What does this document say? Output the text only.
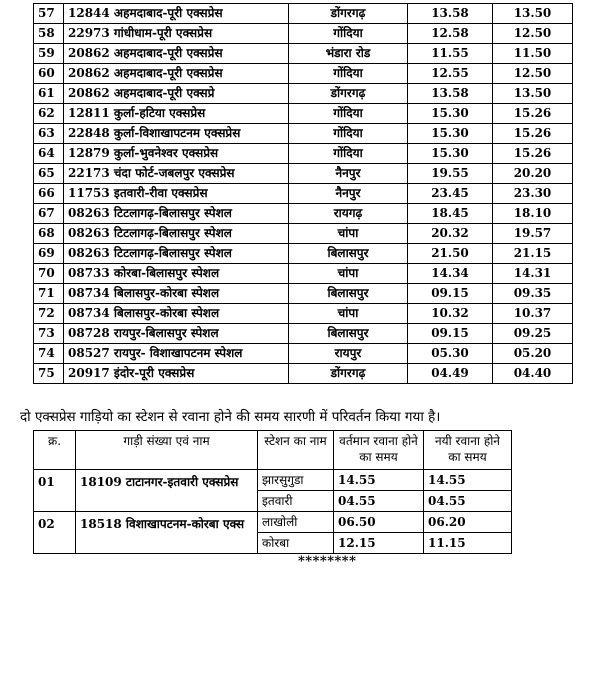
57	12844 अहमदाबाद-पूरी एक्सप्रेस	डोंगरगढ़	13.58	13.50
58	22973 गांधीधाम-पूरी एक्सप्रेस	गोंदिया	12.58	12.50
59	20862 अहमदाबाद-पूरी एक्सप्रेस	भंडारा रोड	11.55	11.50
60	20862 अहमदाबाद-पूरी एक्सप्रेस	गोंदिया	12.55	12.50
61	20862 अहमदाबाद-पूरी एक्सप्रे	डोंगरगढ़	13.58	13.50
62	12811 कुर्ला-हटिया एक्सप्रेस	गोंदिया	15.30	15.26
63	22848 कुर्ला-विशाखापटनम एक्सप्रेस	गोंदिया	15.30	15.26
64	12879 कुर्ला-भुवनेश्वर एक्सप्रेस	गोंदिया	15.30	15.26
65	22173 चंदा फोर्ट-जबलपुर एक्सप्रेस	नैनपुर	19.55	20.20
66	11753 इतवारी-रीवा एक्सप्रेस	नैनपुर	23.45	23.30
67	08263 टिटलागढ़-बिलासपुर स्पेशल	रायगढ़	18.45	18.10
68	08263 टिटलागढ़-बिलासपुर स्पेशल	चांपा	20.32	19.57
69	08263 टिटलागढ़-बिलासपुर स्पेशल	बिलासपुर	21.50	21.15
70	08733 कोरबा-बिलासपुर स्पेशल	चांपा	14.34	14.31
71	08734 बिलासपुर-कोरबा स्पेशल	बिलासपुर	09.15	09.35
72	08734 बिलासपुर-कोरबा स्पेशल	चांपा	10.32	10.37
73	08728 रायपुर-बिलासपुर स्पेशल	बिलासपुर	09.15	09.25
74	08527 रायपुर- विशाखापटनम स्पेशल	रायपुर	05.30	05.20
75	20917 इंदोर-पूरी एक्सप्रेस	डोंगरगढ़	04.49	04.40
दो एक्सप्रेस गाड़ियो का स्टेशन से रवाना होने की समय सारणी में परिवर्तन किया गया है।
क्र.	गाड़ी संख्या एवं नाम	स्टेशन का नाम	वर्तमान रवाना होने का समय	नयी रवाना होने का समय
01	18109 टाटानगर-इतवारी एक्सप्रेस	झारसुगुडा	14.55	14.55
		इतवारी	04.55	04.55
02	18518 विशाखापटनम-कोरबा एक्स	लाखोली	06.50	06.20
		कोरबा	12.15	11.15
********
